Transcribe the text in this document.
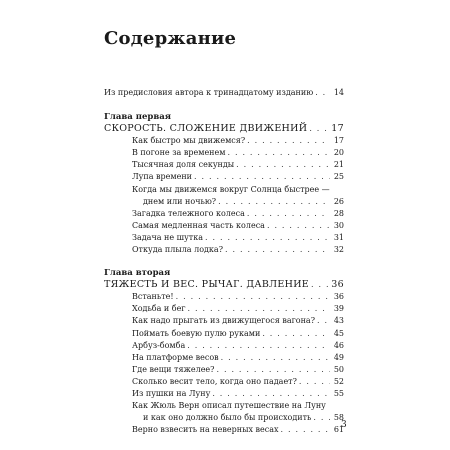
Содержание
Из предисловия автора к тринадцатому изданию . . .	14
Глава первая
СКОРОСТЬ. СЛОЖЕНИЕ ДВИЖЕНИЙ . . .	17
Как быстро мы движемся? . . .	17
В погоне за временем . . .	20
Тысячная доля секунды . . .	21
Лупа времени . . .	25
Когда мы движемся вокруг Солнца быстрее —
днем или ночью? . . .	26
Загадка тележного колеса . . .	28
Самая медленная часть колеса . . .	30
Задача не шутка . . .	31
Откуда плыла лодка? . . .	32
Глава вторая
ТЯЖЕСТЬ И ВЕС. РЫЧАГ. ДАВЛЕНИЕ . . . 36
Встаньте! . . .	36
Ходьба и бег . . .	39
Как надо прыгать из движущегося вагона? . . . 43
Поймать боевую пулю руками . . .	45
Арбуз-бомба . . .	46
На платформе весов . . .	49
Где вещи тяжелее? . . .	50
Сколько весит тело, когда оно падает? . . .	52
Из пушки на Луну . . .	55
Как Жюль Верн описал путешествие на Луну
и как оно должно было бы происходить . . .	58
Верно взвесить на неверных весах . . .	61
3
